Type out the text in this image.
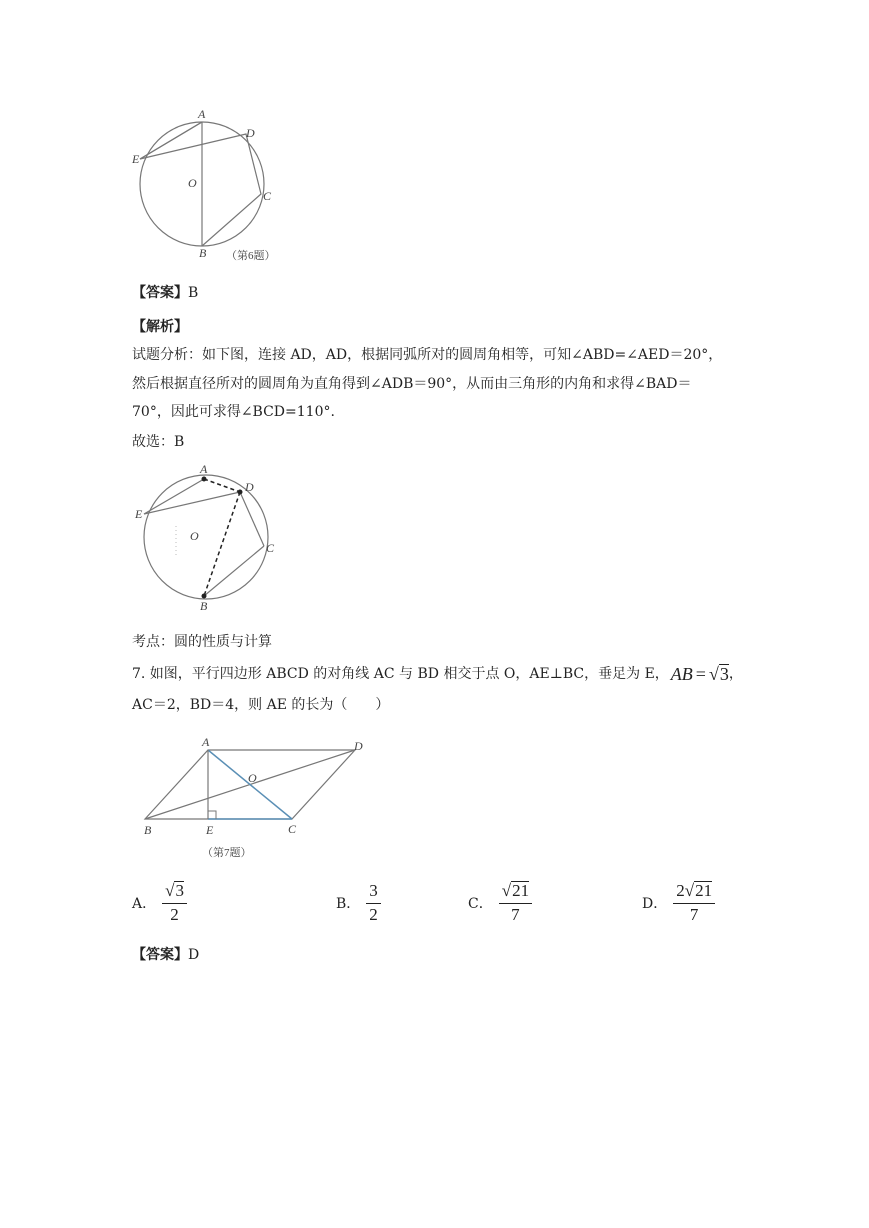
A
B
C
D
E
O
（第6题）
【答案】B
【解析】
试题分析：如下图，连接 AD，AD，根据同弧所对的圆周角相等，可知∠ABD=∠AED＝20°，
然后根据直径所对的圆周角为直角得到∠ADB＝90°，从而由三角形的内角和求得∠BAD＝
70°，因此可求得∠BCD=110°.
故选：B
A
B
C
D
E
O
考点：圆的性质与计算
7. 如图，平行四边形 ABCD 的对角线 AC 与 BD 相交于点 O，AE⊥BC，垂足为 E， AB = √3 ，
AC＝2，BD＝4，则 AE 的长为（　　）
A
B	C
D
E
O
（第7题）
A． $\frac{√3}{2}$	B． $\frac{3}{2}$	C． $\frac{√21}{7}$	D． $\frac{2√21}{7}$
【答案】D
